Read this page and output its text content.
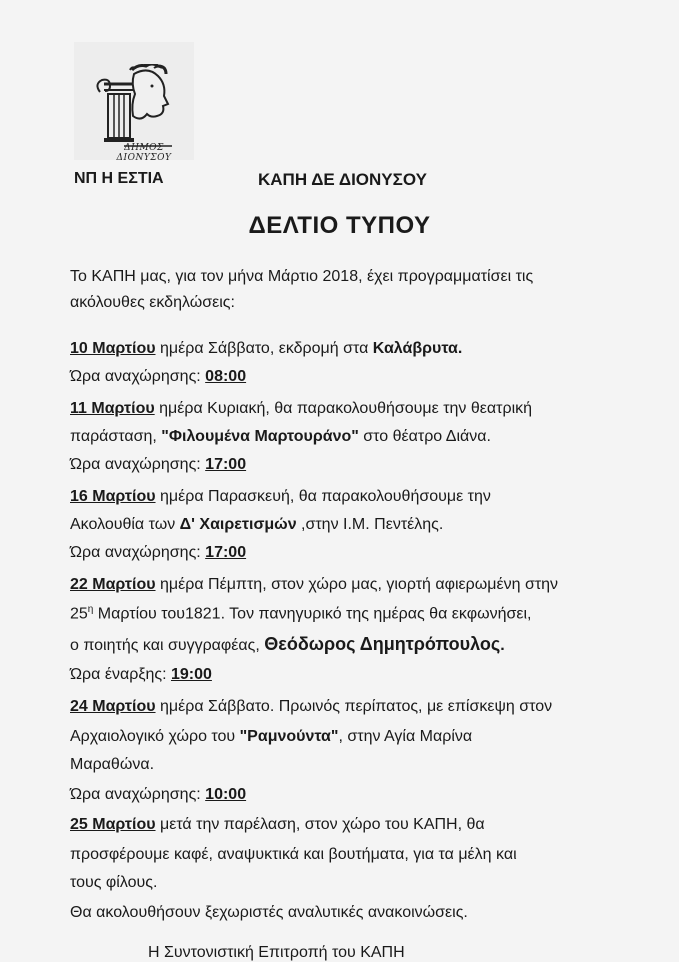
ΔΗΜΟΣ ΔΙΟΝΥΣΟΥ
ΝΠ Η ΕΣΤΙΑ	ΚΑΠΗ ΔΕ ΔΙΟΝΥΣΟΥ
ΔΕΛΤΙΟ ΤΥΠΟΥ
Το ΚΑΠΗ μας, για τον μήνα Μάρτιο 2018, έχει προγραμματίσει τις
ακόλουθες εκδηλώσεις:
10 Μαρτίου ημέρα Σάββατο, εκδρομή στα Καλάβρυτα.
Ώρα αναχώρησης: 08:00
11 Μαρτίου ημέρα Κυριακή, θα παρακολουθήσουμε την θεατρική
παράσταση, "Φιλουμένα Μαρτουράνο" στο θέατρο Διάνα.
Ώρα αναχώρησης: 17:00
16 Μαρτίου ημέρα Παρασκευή, θα παρακολουθήσουμε την
Ακολουθία των Δ' Χαιρετισμών ,στην Ι.Μ. Πεντέλης.
Ώρα αναχώρησης: 17:00
22 Μαρτίου ημέρα Πέμπτη, στον χώρο μας, γιορτή αφιερωμένη στην
$25^\eta$ Μαρτίου του1821. Τον πανηγυρικό της ημέρας θα εκφωνήσει,
ο ποιητής και συγγραφέας, Θεόδωρος Δημητρόπουλος.
Ώρα έναρξης: 19:00
24 Μαρτίου ημέρα Σάββατο. Πρωινός περίπατος, με επίσκεψη στον
Αρχαιολογικό χώρο του "Ραμνούντα", στην Αγία Μαρίνα
Μαραθώνα.
Ώρα αναχώρησης: 10:00
25 Μαρτίου μετά την παρέλαση, στον χώρο του ΚΑΠΗ, θα
προσφέρουμε καφέ, αναψυκτικά και βουτήματα, για τα μέλη και
τους φίλους.
Θα ακολουθήσουν ξεχωριστές αναλυτικές ανακοινώσεις.
Η Συντονιστική Επιτροπή του ΚΑΠΗ
